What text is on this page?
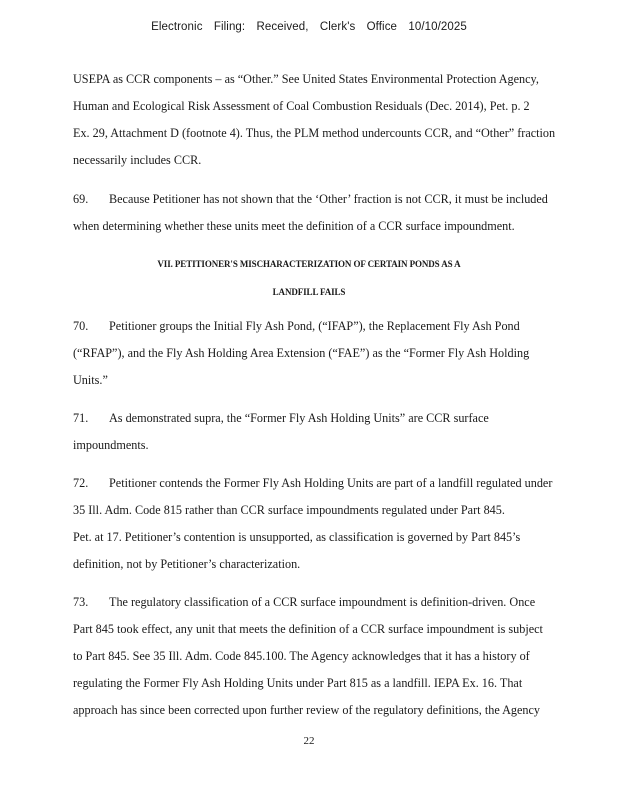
Electronic Filing: Received, Clerk's Office 10/10/2025
USEPA as CCR components – as “Other.” See United States Environmental Protection Agency,
Human and Ecological Risk Assessment of Coal Combustion Residuals (Dec. 2014), Pet. p. 2
Ex. 29, Attachment D (footnote 4). Thus, the PLM method undercounts CCR, and “Other” fraction
necessarily includes CCR.
69. Because Petitioner has not shown that the ‘Other’ fraction is not CCR, it must be included
when determining whether these units meet the definition of a CCR surface impoundment.
VII. PETITIONER'S MISCHARACTERIZATION OF CERTAIN PONDS AS A
LANDFILL FAILS
70. Petitioner groups the Initial Fly Ash Pond, (“IFAP”), the Replacement Fly Ash Pond
(“RFAP”), and the Fly Ash Holding Area Extension (“FAE”) as the “Former Fly Ash Holding
Units.”
71. As demonstrated supra, the “Former Fly Ash Holding Units” are CCR surface
impoundments.
72. Petitioner contends the Former Fly Ash Holding Units are part of a landfill regulated under
35 Ill. Adm. Code 815 rather than CCR surface impoundments regulated under Part 845.
Pet. at 17. Petitioner’s contention is unsupported, as classification is governed by Part 845’s
definition, not by Petitioner’s characterization.
73. The regulatory classification of a CCR surface impoundment is definition-driven. Once
Part 845 took effect, any unit that meets the definition of a CCR surface impoundment is subject
to Part 845. See 35 Ill. Adm. Code 845.100. The Agency acknowledges that it has a history of
regulating the Former Fly Ash Holding Units under Part 815 as a landfill. IEPA Ex. 16. That
approach has since been corrected upon further review of the regulatory definitions, the Agency
22
